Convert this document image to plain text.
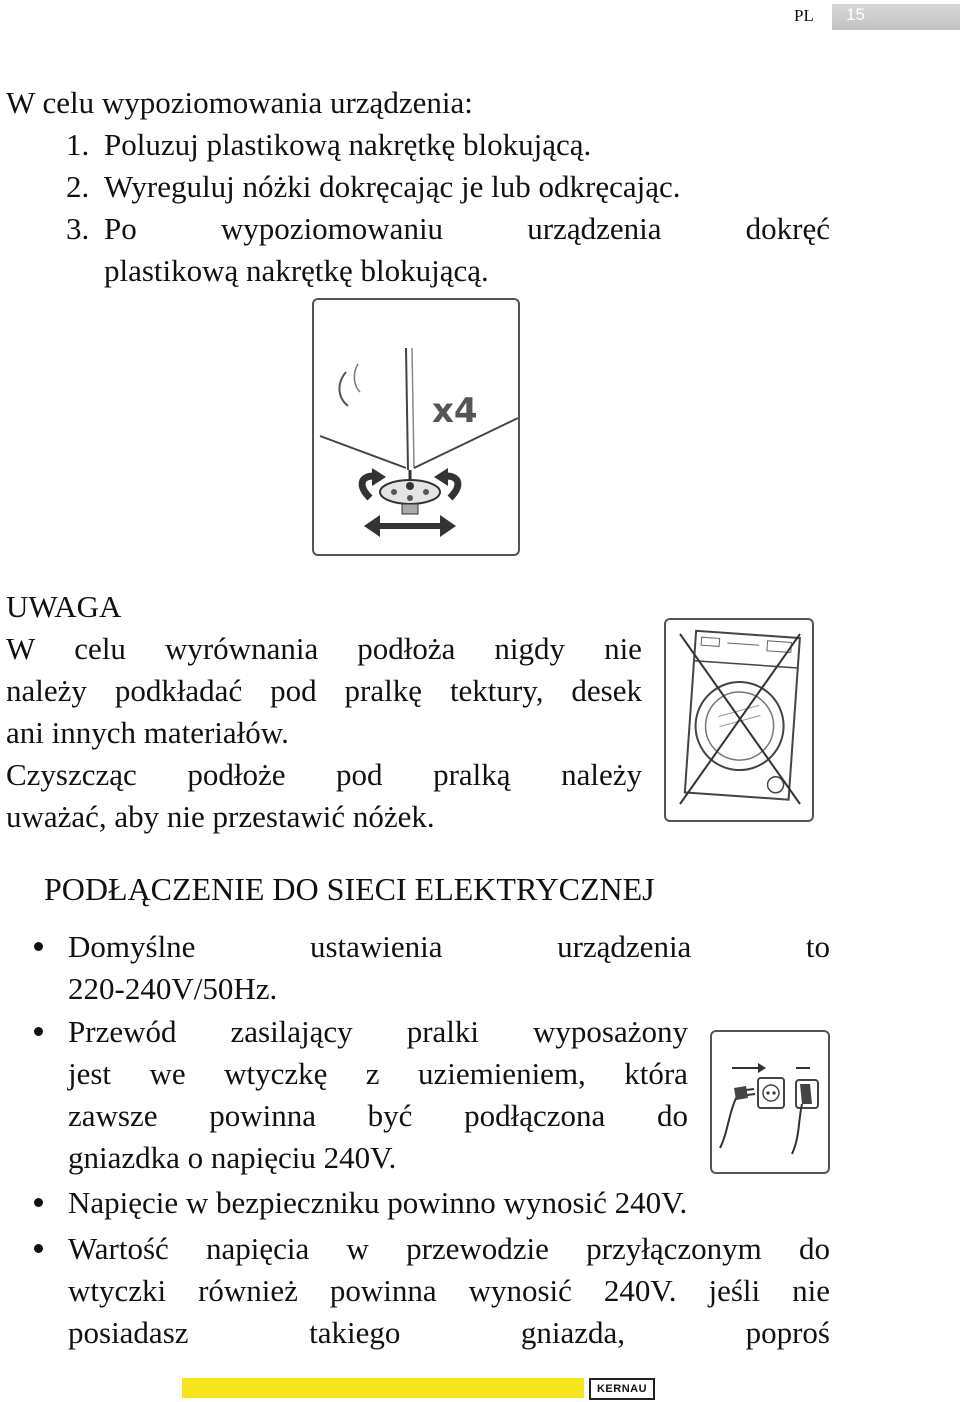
PL 15
W celu wypoziomowania urządzenia:
1. Poluzuj plastikową nakrętkę blokującą.
2. Wyreguluj nóżki dokręcając je lub odkręcając.
3. Po	wypoziomowaniu	urządzenia	dokręć
plastikową nakrętkę blokującą.
x4
UWAGA
W celu wyrównania podłoża nigdy nie
należy podkładać pod pralkę tektury, desek
ani innych materiałów.
Czyszcząc podłoże pod pralką należy
uważać, aby nie przestawić nóżek.
PODŁĄCZENIE DO SIECI ELEKTRYCZNEJ
Domyślne	ustawienia	urządzenia	to
220-240V/50Hz.
Przewód zasilający pralki wyposażony
jest we wtyczkę z uziemieniem, która
zawsze powinna być podłączona do
gniazdka o napięciu 240V.
Napięcie w bezpieczniku powinno wynosić 240V.
Wartość napięcia w przewodzie przyłączonym do
wtyczki również powinna wynosić 240V. jeśli nie
posiadasz	takiego	gniazda,	poproś
KERNAU
